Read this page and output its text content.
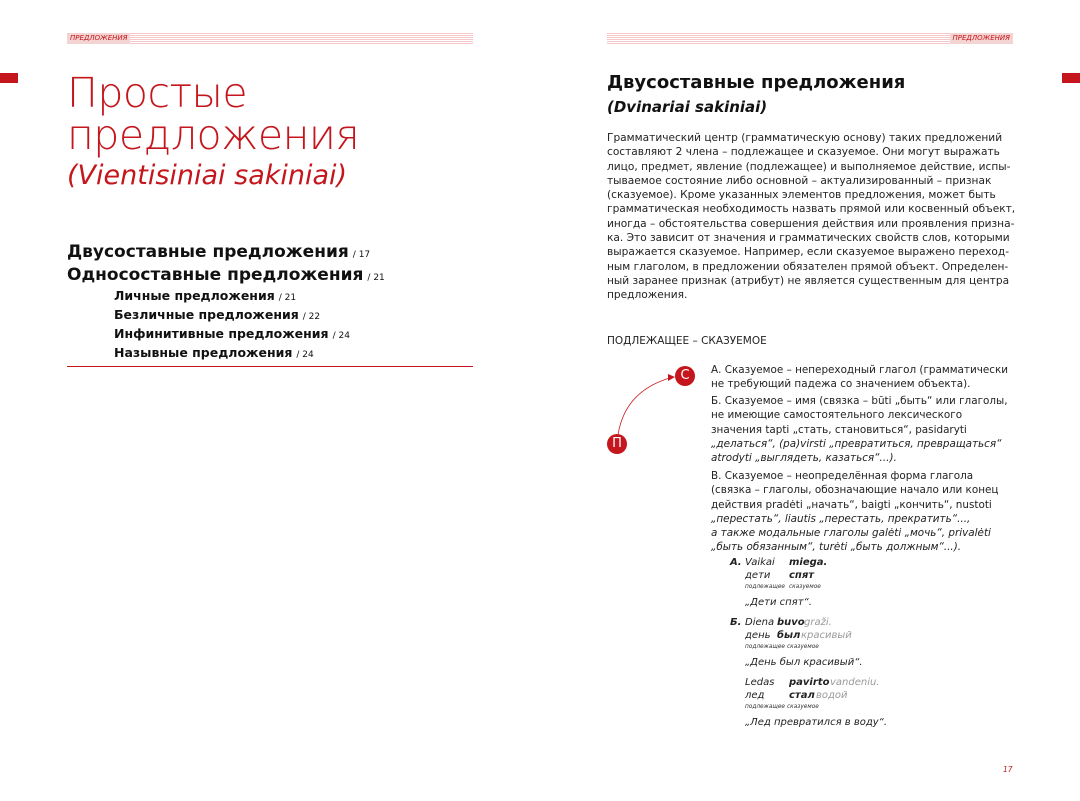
ПРЕДЛОЖЕНИЯ	ПРЕДЛОЖЕНИЯ
Простые
предложения
(Vientisiniai sakiniai)
Двусоставные предложения / 17
Односоставные предложения / 21
Личные предложения / 21
Безличные предложения / 22
Инфинитивные предложения / 24
Назывные предложения / 24
Двусоставные предложения
(Dvinariai sakiniai)
Грамматический центр (грамматическую основу) таких предложений
составляют 2 члена – подлежащее и сказуемое. Они могут выражать
лицо, предмет, явление (подлежащее) и выполняемое действие, испы-
тываемое состояние либо основной – актуализированный – признак
(сказуемое). Кроме указанных элементов предложения, может быть
грамматическая необходимость назвать прямой или косвенный объект,
иногда – обстоятельства совершения действия или проявления призна-
ка. Это зависит от значения и грамматических свойств слов, которыми
выражается сказуемое. Например, если сказуемое выражено переход-
ным глаголом, в предложении обязателен прямой объект. Определен-
ный заранее признак (атрибут) не является существенным для центра
предложения.
ПОДЛЕЖАЩЕЕ – СКАЗУЕМОЕ
С
П
А. Сказуемое – непереходный глагол (грамматически
не требующий падежа со значением объекта).
Б. Сказуемое – имя (связка – būti „быть“ или глаголы,
не имеющие самостоятельного лексического
значения tapti „стать, становиться“, pasidaryti
„делаться“, (pa)virsti „превратиться, превращаться“
atrodyti „выглядеть, казаться“...).
В. Сказуемое – неопределённая форма глагола
(связка – глаголы, обозначающие начало или конец
действия pradėti „начать“, baigti „кончить“, nustoti
„перестать“, liautis „перестать, прекратить“...,
а также модальные глаголы galėti „мочь“, privalėti
„быть обязанным“, turėti „быть должным“...).
А. Vaikai miega.
дети спят
подлежащее сказуемое
„Дети спят“.
Б. Diena buvo graži.
день был красивый
подлежащее сказуемое
„День был красивый“.
Ledas pavirto vandeniu.
лед стал водой
подлежащее сказуемое
„Лед превратился в воду“.
17
